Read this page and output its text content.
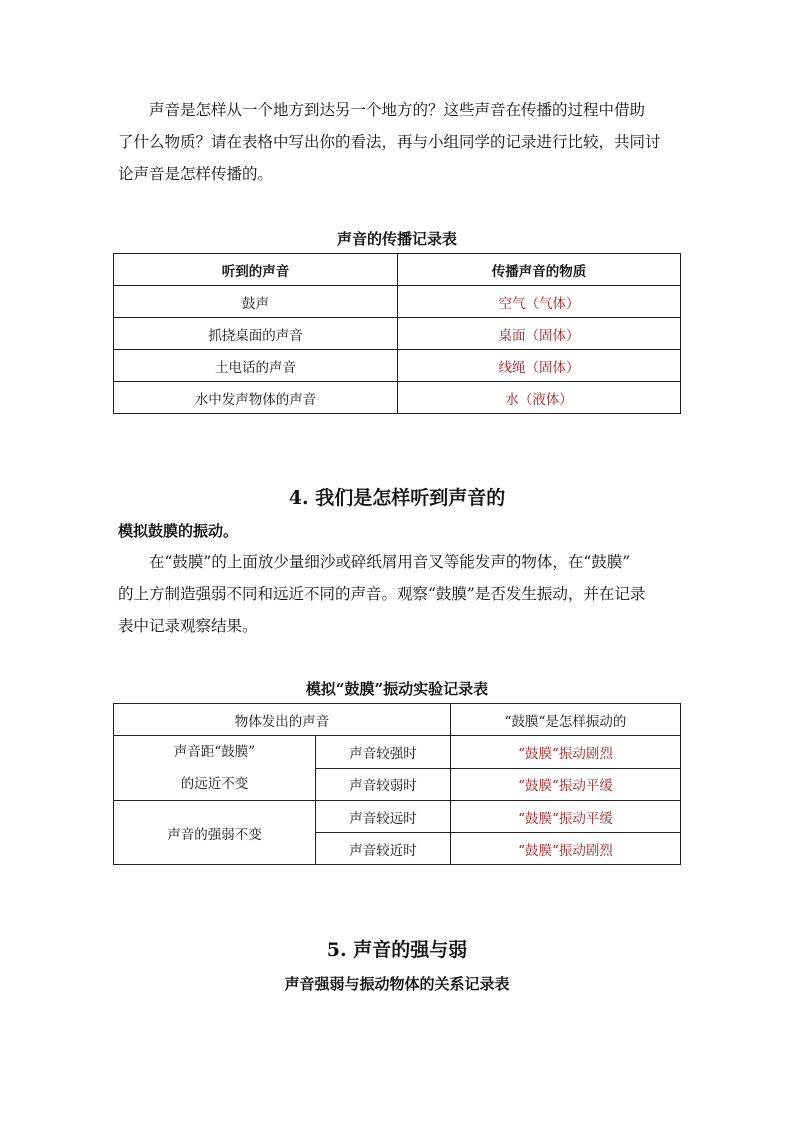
声音是怎样从一个地方到达另一个地方的？这些声音在传播的过程中借助
了什么物质？请在表格中写出你的看法，再与小组同学的记录进行比较，共同讨
论声音是怎样传播的。

声音的传播记录表

听到的声音	传播声音的物质
鼓声	空气（气体）
抓挠桌面的声音	桌面（固体）
土电话的声音	线绳（固体）
水中发声物体的声音	水（液体）

4. 我们是怎样听到声音的

模拟鼓膜的振动。

在“鼓膜”的上面放少量细沙或碎纸屑用音叉等能发声的物体，在“鼓膜”
的上方制造强弱不同和远近不同的声音。观察“鼓膜”是否发生振动，并在记录
表中记录观察结果。

模拟“鼓膜”振动实验记录表

物体发出的声音		“鼓膜“是怎样振动的

声音距“鼓膜”
的远近不变	声音较强时	“鼓膜“振动剧烈
	声音较弱时	“鼓膜“振动平缓
声音的强弱不变	声音较远时	“鼓膜“振动平缓
	声音较近时	“鼓膜“振动剧烈

5. 声音的强与弱

声音强弱与振动物体的关系记录表
